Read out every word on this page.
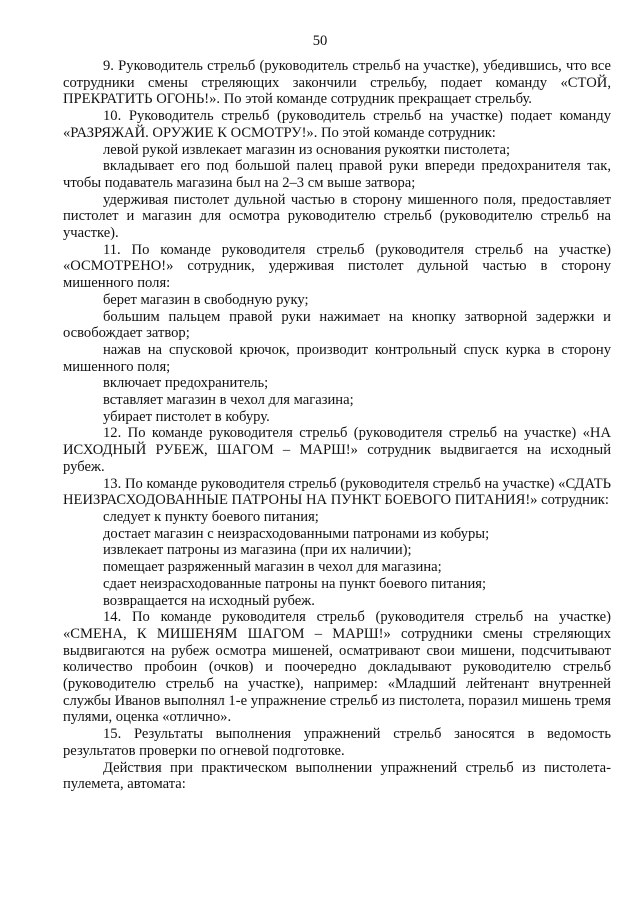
50

9. Руководитель стрельб (руководитель стрельб на участке), убедившись, что все сотрудники смены стреляющих закончили стрельбу, подает команду «СТОЙ, ПРЕКРАТИТЬ ОГОНЬ!». По этой команде сотрудник прекращает стрельбу.

10. Руководитель стрельб (руководитель стрельб на участке) подает команду «РАЗРЯЖАЙ. ОРУЖИЕ К ОСМОТРУ!». По этой команде сотрудник:

левой рукой извлекает магазин из основания рукоятки пистолета;

вкладывает его под большой палец правой руки впереди предохранителя так, чтобы подаватель магазина был на 2–3 см выше затвора;

удерживая пистолет дульной частью в сторону мишенного поля, предоставляет пистолет и магазин для осмотра руководителю стрельб (руководителю стрельб на участке).

11. По команде руководителя стрельб (руководителя стрельб на участке) «ОСМОТРЕНО!» сотрудник, удерживая пистолет дульной частью в сторону мишенного поля:

берет магазин в свободную руку;

большим пальцем правой руки нажимает на кнопку затворной задержки и освобождает затвор;

нажав на спусковой крючок, производит контрольный спуск курка в сторону мишенного поля;

включает предохранитель;

вставляет магазин в чехол для магазина;

убирает пистолет в кобуру.

12. По команде руководителя стрельб (руководителя стрельб на участке) «НА ИСХОДНЫЙ РУБЕЖ, ШАГОМ – МАРШ!» сотрудник выдвигается на исходный рубеж.

13. По команде руководителя стрельб (руководителя стрельб на участке) «СДАТЬ НЕИЗРАСХОДОВАННЫЕ ПАТРОНЫ НА ПУНКТ БОЕВОГО ПИТАНИЯ!» сотрудник:

следует к пункту боевого питания;

достает магазин с неизрасходованными патронами из кобуры;

извлекает патроны из магазина (при их наличии);

помещает разряженный магазин в чехол для магазина;

сдает неизрасходованные патроны на пункт боевого питания;

возвращается на исходный рубеж.

14. По команде руководителя стрельб (руководителя стрельб на участке) «СМЕНА, К МИШЕНЯМ ШАГОМ – МАРШ!» сотрудники смены стреляющих выдвигаются на рубеж осмотра мишеней, осматривают свои мишени, подсчитывают количество пробоин (очков) и поочередно докладывают руководителю стрельб (руководителю стрельб на участке), например: «Младший лейтенант внутренней службы Иванов выполнял 1-е упражнение стрельб из пистолета, поразил мишень тремя пулями, оценка «отлично».

15. Результаты выполнения упражнений стрельб заносятся в ведомость результатов проверки по огневой подготовке.

Действия при практическом выполнении упражнений стрельб из пистолета-пулемета, автомата:
